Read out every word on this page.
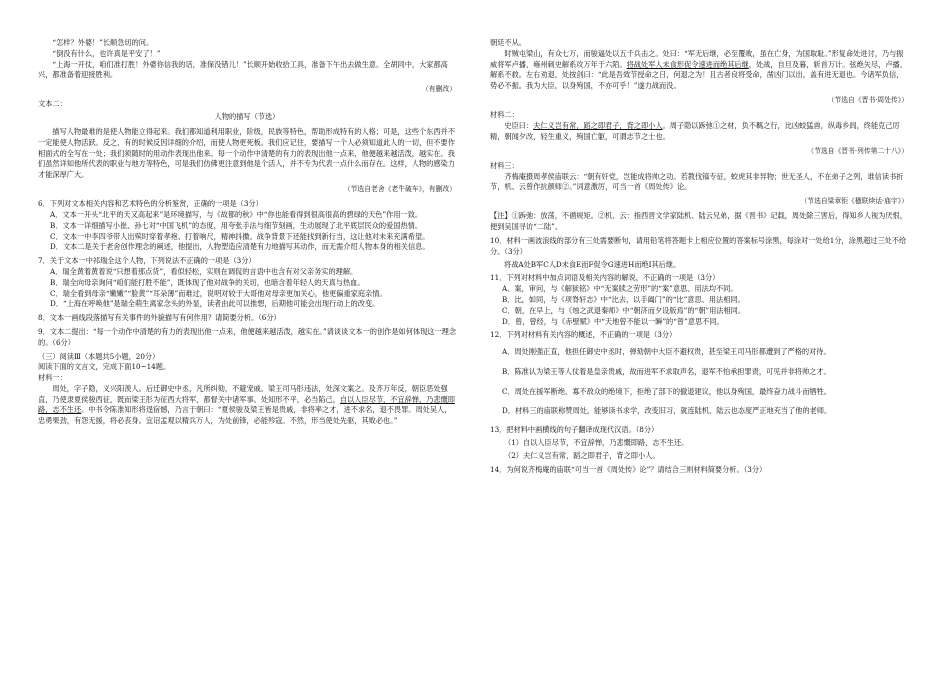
“怎样？外婆！”长顺急切的问。

“倒没有什么，也许真是平安了！”

“上海一开仗，咱们准打胜！外婆你信我的话，准保没错儿！”长顺开始收拾工具，准备下午出去做生意。全胡同中，大家都高兴，都准备着迎接胜利。

（有删改）

文本二：

人物的描写（节选）

描写人物最难的是使人物能立得起来。我们都知道利用职业，阶级，民族等特色，帮助形成特有的人格；可是，这些个东西并不一定能使人物活跃。反之，有的时候反因详细的介绍，而使人物更死板。我们应记住，要描写一个人必须知道此人的一切，但不要作相面式的全写在一处；我们须随时的用动作表现出他来。每一个动作中清楚的有力的表现出他一点来，他便越来越活泼，越实在。我们虽然详知他所代表的职业与地方等特色，可是我们仿佛更注意到他是个活人，并不专为代表一点什么而存在。这样，人物的感染力才能深厚广大。

（节选自老舍《老牛破车》，有删改）

6．下列对文本相关内容和艺术特色的分析鉴赏，正确的一项是（3分）

A．文本一开头“北平的天又高起来”是环境描写，与《故都的秋》中“你也能看得到很高很高的碧绿的天色”作用一致。

B．文本一详细描写小崔、孙七对“中国飞机”的态度，用夸张手法与细节刻画，生动展现了北平底层民众的爱国热情。

C．文本一中李四爷带人出殡时穿着孝袍、打着响尺，精神抖擞。战争背景下还能找到新行当，这让他对未来充满希望。

D．文本二是关于老舍创作理念的阐述，他提出，人物塑造应清楚有力地描写其动作，而无需介绍人物本身的相关信息。

7．关于文本一中祁瑞全这个人物，下列说法不正确的一项是（3分）

A．瑞全黄着黄着说“只想着那点货”，看似轻松，实则在调侃的言语中也含有对父亲务实的理解。

B．瑞全向母亲询问“咱们能打胜不能”，既体现了他对战争的关切，也暗含着年轻人的天真与热血。

C．瑞全看到母亲“嫩嫩”“脸黄”“耳朵薄”而难过，说明对较于大哥他对母亲更加关心，他更偏重家庭亲情。

D．“上海在呼唤他”是瑞全萌生离家念头的外显，读者由此可以推想，后期他可能会出现行动上的改变。

8．文本一画线段落描写有关事件的外貌描写有何作用？请简要分析。（6分）

9．文本二提出：“每一个动作中清楚的有力的表现出他一点来，他便越来越活泼，越实在。”请谈谈文本一的创作是如何体现这一理念的。（6分）

（三）阅读Ⅲ（本题共5小题，20分）

阅读下面的文言文，完成下面10~14题。

材料一：

周处，字子隐，义兴阳羡人。后迁御史中丞，凡所纠劾，不避宠戚。梁王司马肜违法，处深文案之。及齐万年反，朝臣恶处强直，乃使隶夏侯骏西征，既而梁王肜为征西大将军，都督关中诸军事。处知形不平，必当陷己，自以人臣尽节，不宜辞惮，乃悲慨即路，志不生还。中书令陈准知形将逞宿憾，乃言于朝曰：“夏侯骏及梁王皆是贵戚，非将率之才，进不求名，退不畏罪。周处吴人，忠勇果劲，有怨无援，将必丧身。宜诏孟观以精兵万人，为处前锋，必能殄寇。不然，形当使处先驱，其败必也。”

朝廷不从。

时贼屯梁山，有众七万，而骏逼处以五千兵击之。处曰：“军无后继，必至覆败，虽在亡身，为国取耻。”形复命处进讨，乃与振威将军卢播、雍州刺史解系攻万年于六陌。将战处军人未食形促令速进而绝其后继，处战，自旦及暮，斩首万计。弦绝矢尽，卢播、解系不救。左右劝退，处按剑曰：“此是吾效节授命之日，何退之为！且古者良将受命，凿凶门以出，盖有进无退也。今诸军负信，势必不振。我为大臣，以身殉国，不亦可乎！”遂力战而没。

（节选自《晋书·周处传》）

材料二：

史臣曰：夫仁义岂有常，蹈之即君子，背之即小人。周子隐以跅弛①之材，负不羁之行，比凶蛟猛兽，纵毒乡闾，终能克己厉精，朝闻夕改，轻生重义，殉国亡躯，可谓志节之士也。

（节选自《晋书·列传第二十八》）

材料三：

齐梅庵摄周孝侯庙联云：“朝有奸党，岂能成将帅之功。若教伐镐专征，蛟虎其非异物；世无圣人，不在弟子之列，谁信读书折节，机、云曾作抗颜师②。”词意激厉，可当一首《周处传》论。

（节选自梁章钜《楹联续话·庙宇》）

【注】①跅弛：放荡，不循规矩。②机、云：指西晋文学家陆机、陆云兄弟，据《晋书》记载，周处除三害后，得知乡人视为厌恨，便到吴国寻访“二陆”。

10．材料一画波浪线的部分有三处需要断句，请用铅笔将答题卡上相应位置的答案标号涂黑，每涂对一处给1分，涂黑超过三处不给分。（3分）

将战A处B军C人D未食E而F促令G速进H而绝I其后继。

11．下列对材料中加点词语及相关内容的解说，不正确的一项是（3分）

A．案，审问，与《解狱铭》中“无案牍之劳形”的“案”意思、用法均不同。

B．比，如同，与《项脊轩志》中“比去，以手阖门”的“比”意思、用法相同。

C．朝，在早上，与《烛之武退秦师》中“朝济而夕设版焉”的“朝”用法相同。

D．曾，曾经，与《赤壁赋》中“天地曾不能以一瞬”的“曾”意思不同。

12．下列对材料有关内容的概述，不正确的一项是（3分）

A．周处刚强正直，他担任御史中丞时，弹劾朝中大臣不避权贵，甚至梁王司马肜都遭到了严格的对待。

B．陈准认为梁王等人仗着是皇亲贵戚，故而进军不求取声名，退军不怕承担罪责，可见并非将帅之才。

C．周处在援军断绝、寡不敌众的绝境下，拒绝了部下的撤退建议，他以身殉国，最终奋力战斗而牺牲。

D．材料三的庙联称赞周处，能够读书求学，改变旧习，就连陆机、陆云也态度严正地充当了他的老师。

13．把材料中画横线的句子翻译成现代汉语。（8分）

（1）自以人臣尽节，不宜辞惮，乃悲慨即路，志不生还。

（2）夫仁义岂有常，蹈之即君子，背之即小人。

14．为何说齐梅庵的庙联“可当一首《周处传》论”？请结合三则材料简要分析。（3分）
